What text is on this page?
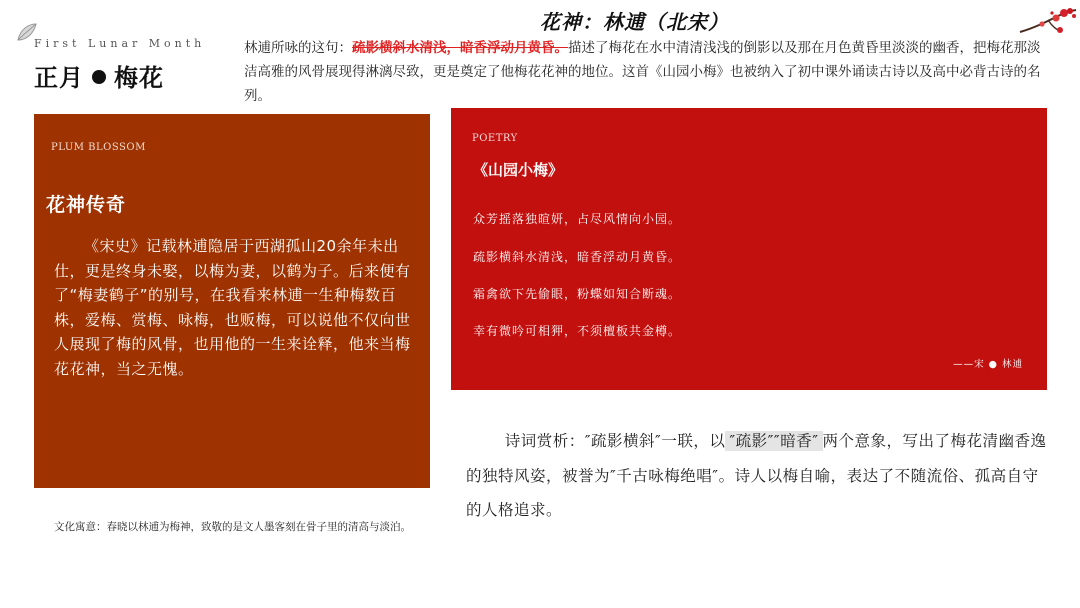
First Lunar Month
正月 梅花
花神：林逋（北宋）
林逋所咏的这句：疏影横斜水清浅，暗香浮动月黄昏。描述了梅花在水中清清浅浅的倒影以及那在月色黄昏里淡淡的幽香，把梅花那淡洁高雅的风骨展现得淋漓尽致，更是奠定了他梅花花神的地位。这首《山园小梅》也被纳入了初中课外诵读古诗以及高中必背古诗的名列。
PLUM BLOSSOM
花神传奇
《宋史》记载林逋隐居于西湖孤山20余年未出仕，更是终身未娶，以梅为妻，以鹤为子。后来便有了“梅妻鹤子”的别号，在我看来林逋一生种梅数百株，爱梅、赏梅、咏梅，也贩梅，可以说他不仅向世人展现了梅的风骨，也用他的一生来诠释，他来当梅花花神，当之无愧。
POETRY
《山园小梅》
众芳摇落独暄妍，占尽风情向小园。
疏影横斜水清浅，暗香浮动月黄昏。
霜禽欲下先偷眼，粉蝶如知合断魂。
幸有微吟可相狎，不须檀板共金樽。
——宋 ● 林逋
诗词赏析：″疏影横斜″一联，以 ″疏影″″暗香″ 两个意象，写出了梅花清幽香逸的独特风姿，被誉为″千古咏梅绝唱″。诗人以梅自喻，表达了不随流俗、孤高自守的人格追求。
文化寓意：春晓以林逋为梅神，致敬的是文人墨客刻在骨子里的清高与淡泊。
